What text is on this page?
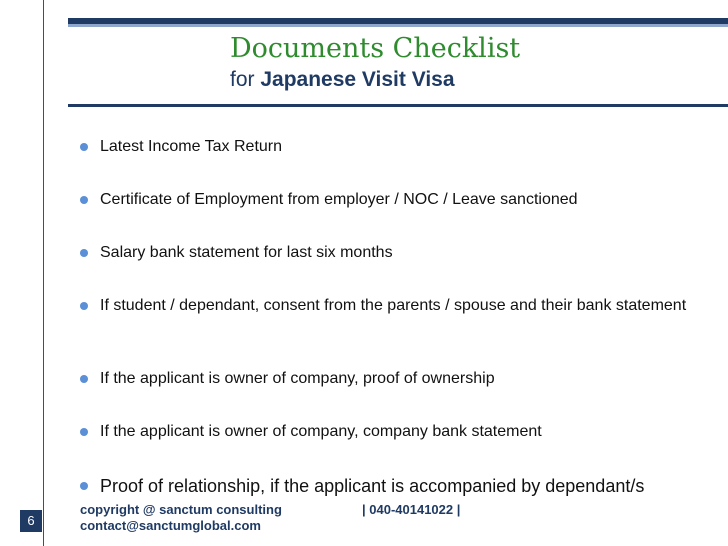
Documents Checklist
for Japanese Visit Visa
Latest Income Tax Return
Certificate of Employment from employer / NOC / Leave sanctioned
Salary bank statement for last six months
If student / dependant, consent from the parents / spouse and their bank statement
If the applicant is owner of company, proof of ownership
If the applicant is owner of company, company bank statement
Proof of relationship, if the applicant is accompanied by dependant/s
6
copyright @ sanctum consulting
contact@sanctumglobal.com
| 040-40141022 |
